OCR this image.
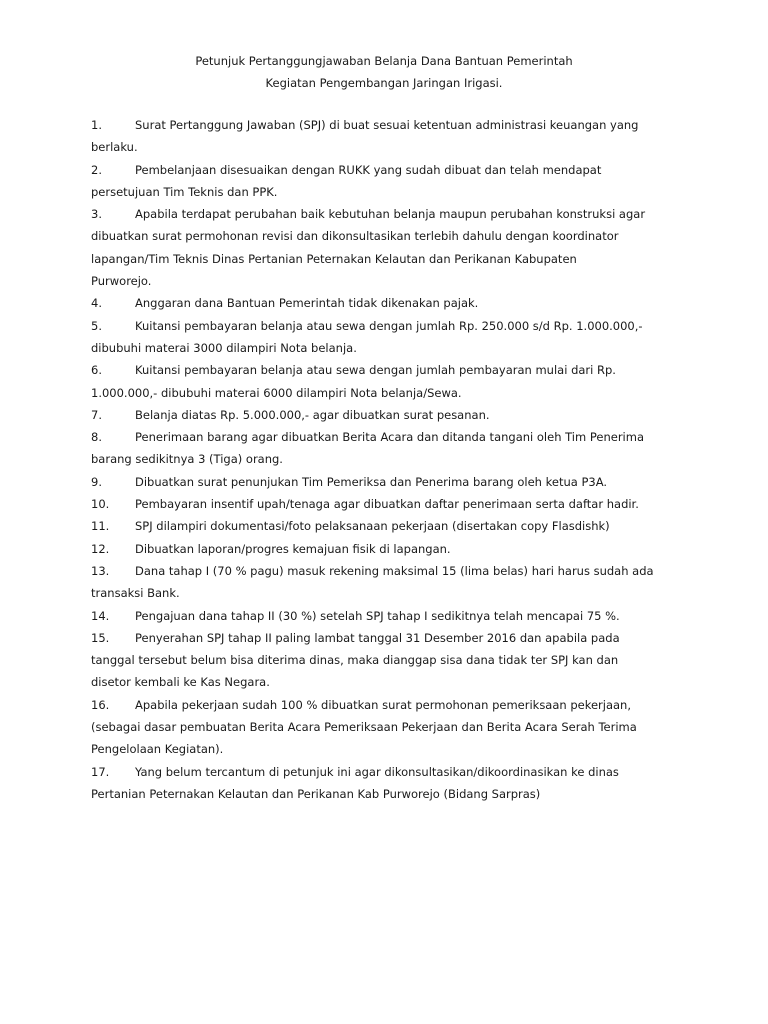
Petunjuk Pertanggungjawaban Belanja Dana Bantuan Pemerintah
Kegiatan Pengembangan Jaringan Irigasi.
1.	Surat Pertanggung Jawaban (SPJ) di buat sesuai ketentuan administrasi keuangan yang
berlaku.
2.	Pembelanjaan disesuaikan dengan RUKK yang sudah dibuat dan telah mendapat
persetujuan Tim Teknis dan PPK.
3.	Apabila terdapat perubahan baik kebutuhan belanja maupun perubahan konstruksi agar
dibuatkan surat permohonan revisi dan dikonsultasikan terlebih dahulu dengan koordinator
lapangan/Tim Teknis Dinas Pertanian Peternakan Kelautan dan Perikanan Kabupaten
Purworejo.
4.	Anggaran dana Bantuan Pemerintah tidak dikenakan pajak.
5.	Kuitansi pembayaran belanja atau sewa dengan jumlah Rp. 250.000 s/d Rp. 1.000.000,-
dibubuhi materai 3000 dilampiri Nota belanja.
6.	Kuitansi pembayaran belanja atau sewa dengan jumlah pembayaran mulai dari Rp.
1.000.000,- dibubuhi materai 6000 dilampiri Nota belanja/Sewa.
7.	Belanja diatas Rp. 5.000.000,- agar dibuatkan surat pesanan.
8.	Penerimaan barang agar dibuatkan Berita Acara dan ditanda tangani oleh Tim Penerima
barang sedikitnya 3 (Tiga) orang.
9.	Dibuatkan surat penunjukan Tim Pemeriksa dan Penerima barang oleh ketua P3A.
10. Pembayaran insentif upah/tenaga agar dibuatkan daftar penerimaan serta daftar hadir.
11. SPJ dilampiri dokumentasi/foto pelaksanaan pekerjaan (disertakan copy Flasdishk)
12. Dibuatkan laporan/progres kemajuan fisik di lapangan.
13. Dana tahap I (70 % pagu) masuk rekening maksimal 15 (lima belas) hari harus sudah ada
transaksi Bank.
14. Pengajuan dana tahap II (30 %) setelah SPJ tahap I sedikitnya telah mencapai 75 %.
15. Penyerahan SPJ tahap II paling lambat tanggal 31 Desember 2016 dan apabila pada
tanggal tersebut belum bisa diterima dinas, maka dianggap sisa dana tidak ter SPJ kan dan
disetor kembali ke Kas Negara.
16. Apabila pekerjaan sudah 100 % dibuatkan surat permohonan pemeriksaan pekerjaan,
(sebagai dasar pembuatan Berita Acara Pemeriksaan Pekerjaan dan Berita Acara Serah Terima
Pengelolaan Kegiatan).
17. Yang belum tercantum di petunjuk ini agar dikonsultasikan/dikoordinasikan ke dinas
Pertanian Peternakan Kelautan dan Perikanan Kab Purworejo (Bidang Sarpras)
